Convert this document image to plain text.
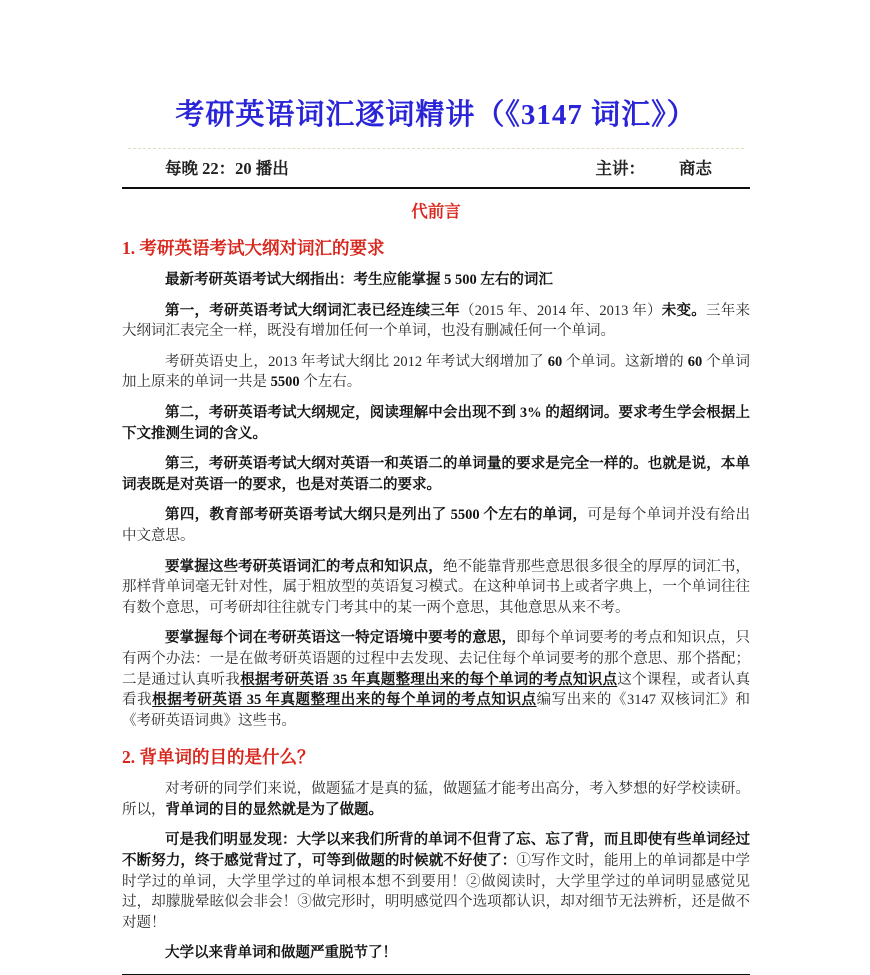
考研英语词汇逐词精讲（《3147 词汇》）
每晚 22：20 播出	主讲： 商志
代前言
1. 考研英语考试大纲对词汇的要求

最新考研英语考试大纲指出：考生应能掌握 5 500 左右的词汇

第一，考研英语考试大纲词汇表已经连续三年（2015 年、2014 年、2013 年）未变。三年来大纲词汇表完全一样，既没有增加任何一个单词，也没有删减任何一个单词。

考研英语史上，2013 年考试大纲比 2012 年考试大纲增加了 60 个单词。这新增的 60 个单词加上原来的单词一共是 5500 个左右。

第二，考研英语考试大纲规定，阅读理解中会出现不到 3% 的超纲词。要求考生学会根据上下文推测生词的含义。

第三，考研英语考试大纲对英语一和英语二的单词量的要求是完全一样的。也就是说，本单词表既是对英语一的要求，也是对英语二的要求。

第四，教育部考研英语考试大纲只是列出了 5500 个左右的单词，可是每个单词并没有给出中文意思。

要掌握这些考研英语词汇的考点和知识点，绝不能靠背那些意思很多很全的厚厚的词汇书，那样背单词毫无针对性，属于粗放型的英语复习模式。在这种单词书上或者字典上，一个单词往往有数个意思，可考研却往往就专门考其中的某一两个意思，其他意思从来不考。

要掌握每个词在考研英语这一特定语境中要考的意思，即每个单词要考的考点和知识点，只有两个办法：一是在做考研英语题的过程中去发现、去记住每个单词要考的那个意思、那个搭配；二是通过认真听我根据考研英语 35 年真题整理出来的每个单词的考点知识点这个课程，或者认真看我根据考研英语 35 年真题整理出来的每个单词的考点知识点编写出来的《3147 双核词汇》和《考研英语词典》这些书。

2. 背单词的目的是什么？

对考研的同学们来说，做题猛才是真的猛，做题猛才能考出高分，考入梦想的好学校读研。所以，背单词的目的显然就是为了做题。

可是我们明显发现：大学以来我们所背的单词不但背了忘、忘了背，而且即使有些单词经过不断努力，终于感觉背过了，可等到做题的时候就不好使了：①写作文时，能用上的单词都是中学时学过的单词，大学里学过的单词根本想不到要用！②做阅读时，大学里学过的单词明显感觉见过，却朦胧晕眩似会非会！③做完形时，明明感觉四个选项都认识，却对细节无法辨析，还是做不对题！

大学以来背单词和做题严重脱节了！
